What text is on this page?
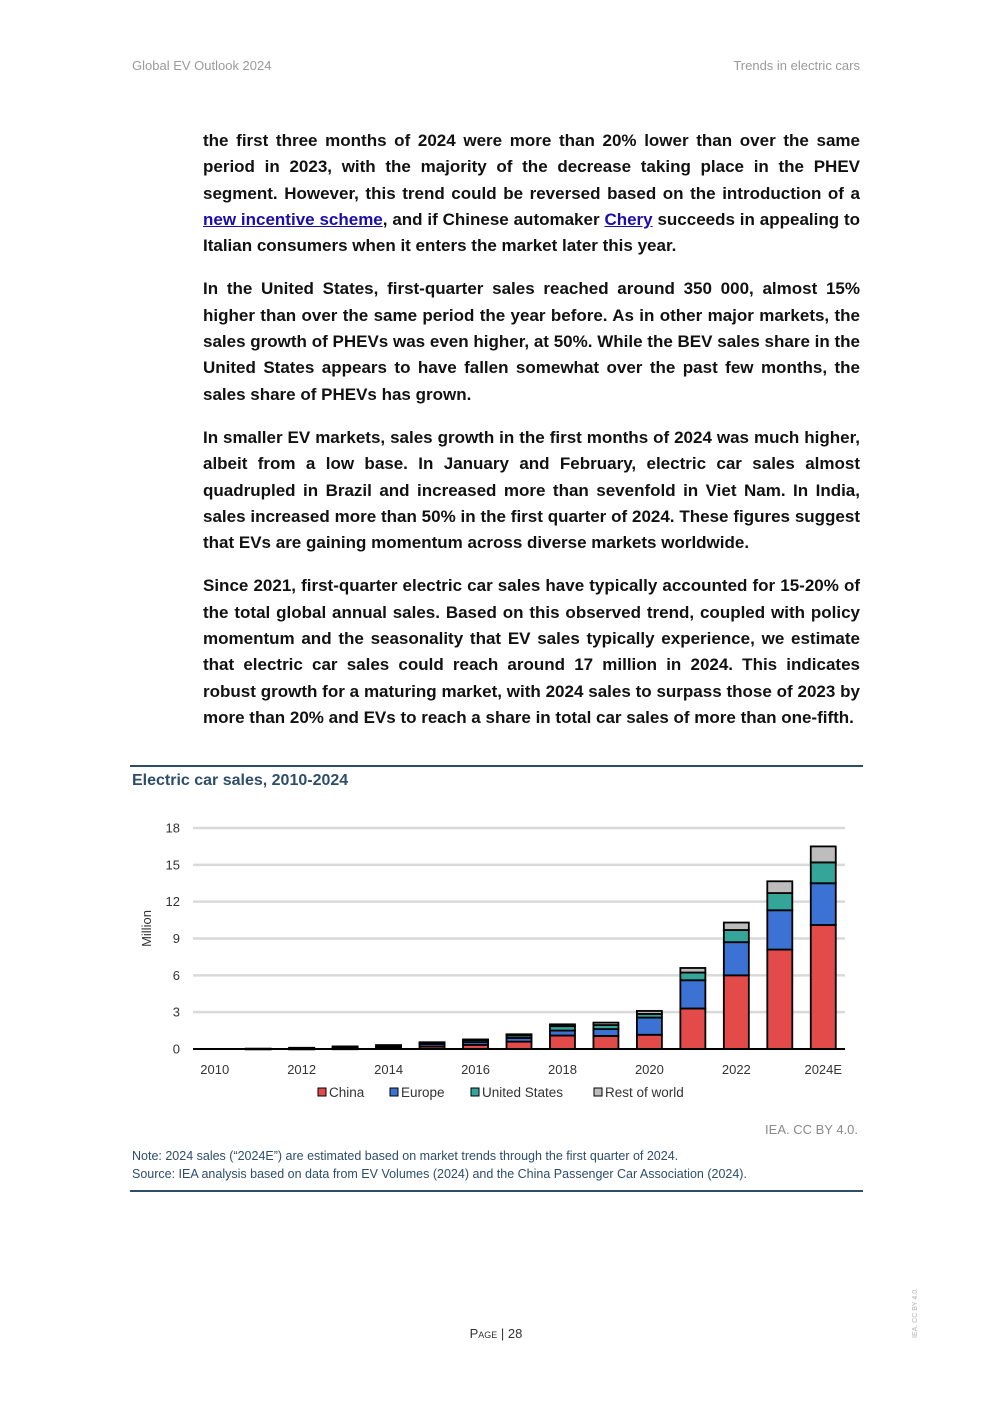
Global EV Outlook 2024	Trends in electric cars

the first three months of 2024 were more than 20% lower than over the same period in 2023, with the majority of the decrease taking place in the PHEV segment. However, this trend could be reversed based on the introduction of a new incentive scheme, and if Chinese automaker Chery succeeds in appealing to Italian consumers when it enters the market later this year.

In the United States, first-quarter sales reached around 350 000, almost 15% higher than over the same period the year before. As in other major markets, the sales growth of PHEVs was even higher, at 50%. While the BEV sales share in the United States appears to have fallen somewhat over the past few months, the sales share of PHEVs has grown.

In smaller EV markets, sales growth in the first months of 2024 was much higher, albeit from a low base. In January and February, electric car sales almost quadrupled in Brazil and increased more than sevenfold in Viet Nam. In India, sales increased more than 50% in the first quarter of 2024. These figures suggest that EVs are gaining momentum across diverse markets worldwide.

Since 2021, first-quarter electric car sales have typically accounted for 15-20% of the total global annual sales. Based on this observed trend, coupled with policy momentum and the seasonality that EV sales typically experience, we estimate that electric car sales could reach around 17 million in 2024. This indicates robust growth for a maturing market, with 2024 sales to surpass those of 2023 by more than 20% and EVs to reach a share in total car sales of more than one-fifth.

Electric car sales, 2010-2024
0
3
6
9
12
15
18
Million
2010	2012	2014	2016	2018	2020	2022	2024E
China	Europe	United States	Rest of world
IEA. CC BY 4.0.
Note: 2024 sales (“2024E”) are estimated based on market trends through the first quarter of 2024.
Source: IEA analysis based on data from EV Volumes (2024) and the China Passenger Car Association (2024).
Page | 28	IEA. CC BY 4.0.
